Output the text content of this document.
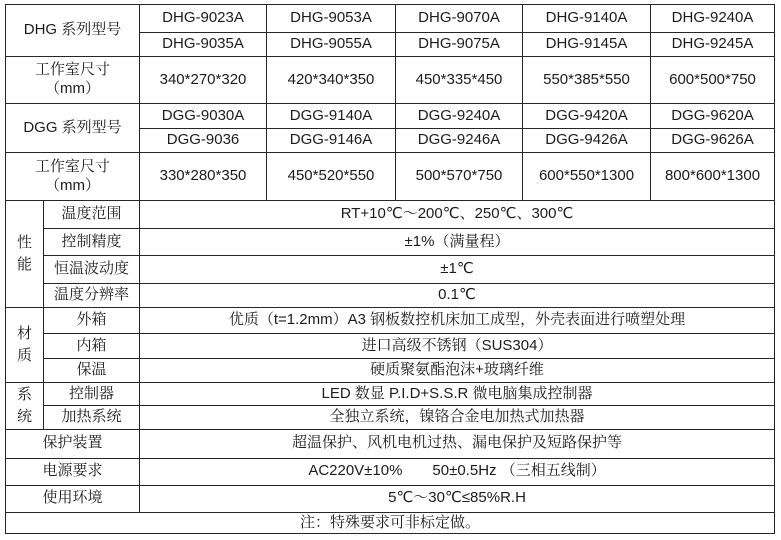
DHG 系列型号		DHG-9023A	DHG-9053A	DHG-9070A	DHG-9140A	DHG-9240A
		DHG-9035A	DHG-9055A	DHG-9075A	DHG-9145A	DHG-9245A
工作室尺寸
（mm）		340*270*320	420*340*350	450*335*450	550*385*550	600*500*750
DGG 系列型号		DGG-9030A	DGG-9140A	DGG-9240A	DGG-9420A	DGG-9620A
		DGG-9036	DGG-9146A	DGG-9246A	DGG-9426A	DGG-9626A
工作室尺寸
（mm）		330*280*350	450*520*550	500*570*750	600*550*1300	800*600*1300

性
能	温度范围	RT+10℃～200℃、250℃、300℃				
	控制精度	±1%（满量程）				
	恒温波动度	±1℃				
	温度分辨率	0.1℃				

材
质	外箱	优质（t=1.2mm）A3 钢板数控机床加工成型，外壳表面进行喷塑处理				
	内箱	进口高级不锈钢（SUS304）				
	保温	硬质聚氨酯泡沫+玻璃纤维				

系
统	控制器	LED 数显 P.I.D+S.S.R 微电脑集成控制器				
	加热系统	全独立系统，镍铬合金电加热式加热器				
保护装置		超温保护、风机电机过热、漏电保护及短路保护等				
电源要求		AC220V±10%　　50±0.5Hz （三相五线制）				
使用环境		5℃～30℃≤85%R.H				
注：特殊要求可非标定做。						
